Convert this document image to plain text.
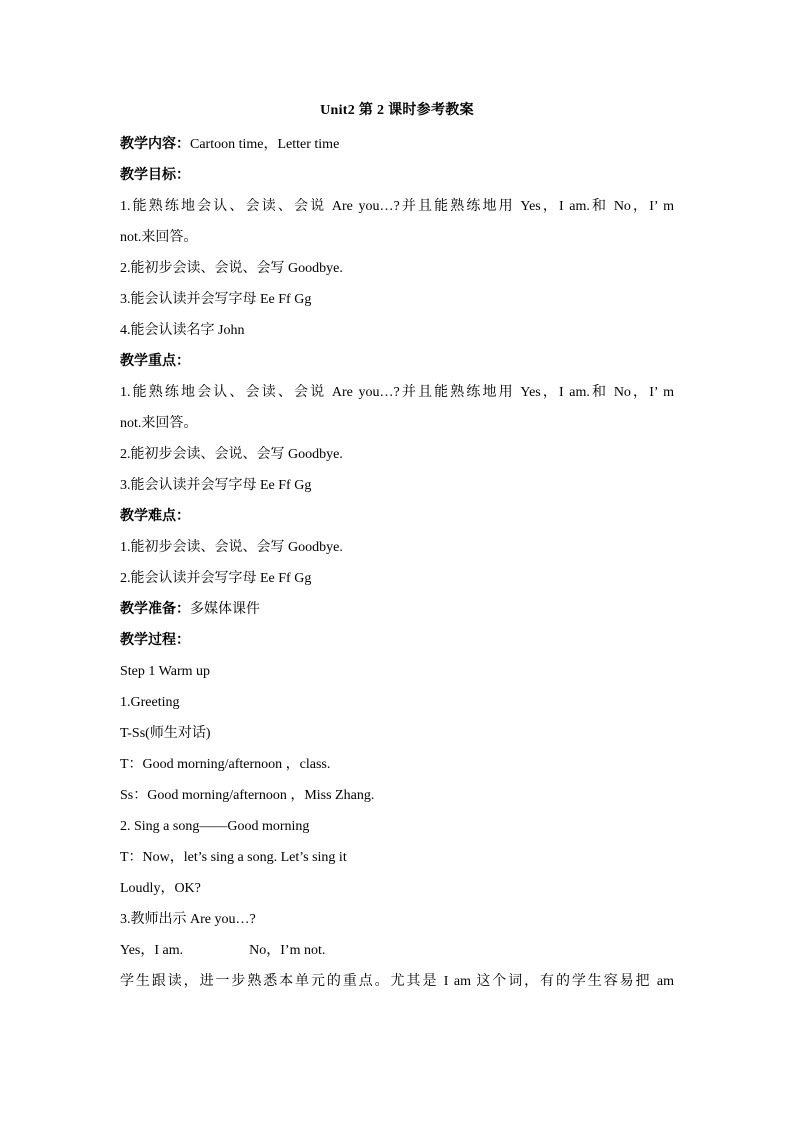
Unit2 第 2 课时参考教案
教学内容：Cartoon time，Letter time
教学目标：
1.能熟练地会认、会读、会说 Are you…?并且能熟练地用 Yes，I am.和 No，I’ m
not.来回答。
2.能初步会读、会说、会写 Goodbye.
3.能会认读并会写字母 Ee Ff Gg
4.能会认读名字 John
教学重点：
1.能熟练地会认、会读、会说 Are you…?并且能熟练地用 Yes，I am.和 No，I’ m
not.来回答。
2.能初步会读、会说、会写 Goodbye.
3.能会认读并会写字母 Ee Ff Gg
教学难点：
1.能初步会读、会说、会写 Goodbye.
2.能会认读并会写字母 Ee Ff Gg
教学准备：多媒体课件
教学过程：
Step 1 Warm up
1.Greeting
T-Ss(师生对话)
T：Good morning/afternoon ，class.
Ss：Good morning/afternoon ，Miss Zhang.
2. Sing a song——Good morning
T：Now，let’s sing a song. Let’s sing it
Loudly，OK?
3.教师出示 Are you…?
Yes，I am.	No，I’m not.
学生跟读，进一步熟悉本单元的重点。尤其是 I am 这个词，有的学生容易把 am
